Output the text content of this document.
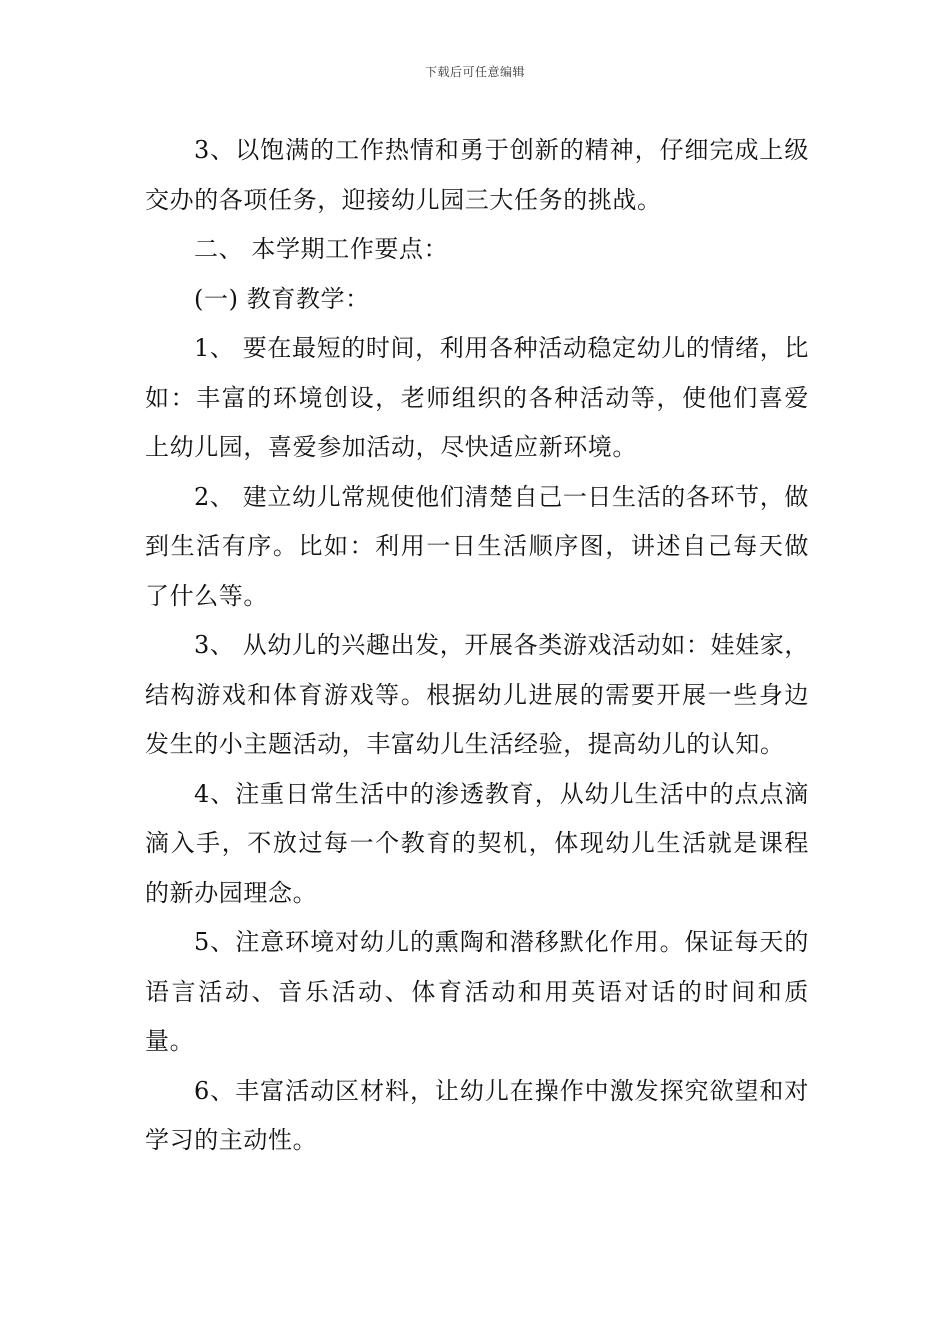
下载后可任意编辑

3、以饱满的工作热情和勇于创新的精神，仔细完成上级交办的各项任务，迎接幼儿园三大任务的挑战。

二、 本学期工作要点：

(一) 教育教学：

1、 要在最短的时间，利用各种活动稳定幼儿的情绪，比如：丰富的环境创设，老师组织的各种活动等，使他们喜爱上幼儿园，喜爱参加活动，尽快适应新环境。

2、 建立幼儿常规使他们清楚自己一日生活的各环节，做到生活有序。比如：利用一日生活顺序图，讲述自己每天做了什么等。

3、 从幼儿的兴趣出发，开展各类游戏活动如：娃娃家，结构游戏和体育游戏等。根据幼儿进展的需要开展一些身边发生的小主题活动，丰富幼儿生活经验，提高幼儿的认知。

4、注重日常生活中的渗透教育，从幼儿生活中的点点滴滴入手，不放过每一个教育的契机，体现幼儿生活就是课程的新办园理念。

5、注意环境对幼儿的熏陶和潜移默化作用。保证每天的语言活动、音乐活动、体育活动和用英语对话的时间和质量。

6、丰富活动区材料，让幼儿在操作中激发探究欲望和对学习的主动性。
